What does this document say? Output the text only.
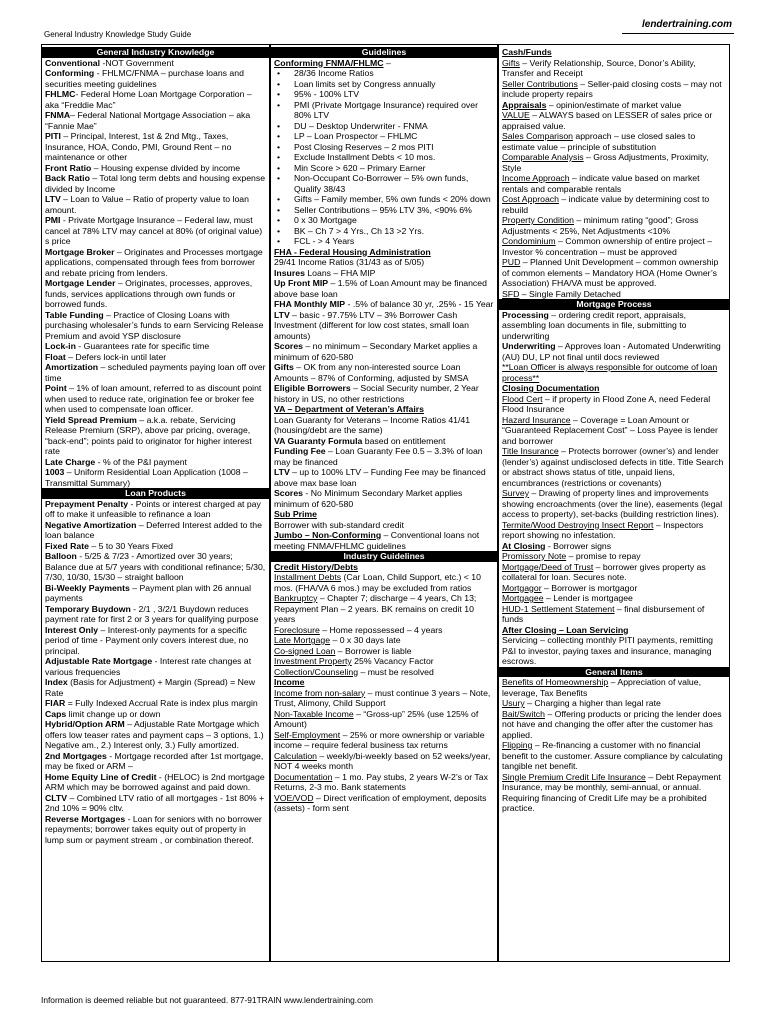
General Industry Knowledge Study Guide
lendertraining.com
General Industry Knowledge

Conventional -NOT Government

Conforming - FHLMC/FNMA – purchase loans and securities meeting guidelines

FHLMC- Federal Home Loan Mortgage Corporation – aka “Freddie Mac”

FNMA– Federal National Mortgage Association – aka “Fannie Mae”

PITI – Principal, Interest, 1st & 2nd Mtg., Taxes, Insurance, HOA, Condo, PMI, Ground Rent – no maintenance or other

Front Ratio – Housing expense divided by income

Back Ratio – Total long term debts and housing expense divided by Income

LTV – Loan to Value – Ratio of property value to loan amount.

PMI - Private Mortgage Insurance – Federal law, must cancel at 78% LTV may cancel at 80% (of original value) s price

Mortgage Broker – Originates and Processes mortgage applications, compensated through fees from borrower and rebate pricing from lenders.

Mortgage Lender – Originates, processes, approves, funds, services applications through own funds or borrowed funds.

Table Funding – Practice of Closing Loans with purchasing wholesaler’s funds to earn Servicing Release Premium and avoid YSP disclosure

Lock-in - Guarantees rate for specific time

Float – Defers lock-in until later

Amortization – scheduled payments paying loan off over time

Point – 1% of loan amount, referred to as discount point when used to reduce rate, origination fee or broker fee when used to compensate loan officer.

Yield Spread Premium – a.k.a. rebate, Servicing Release Premium (SRP), above par pricing, overage, “back-end”; points paid to originator for higher interest rate

Late Charge - % of the P&I payment

1003 – Uniform Residential Loan Application (1008 – Transmittal Summary)

Loan Products

Prepayment Penalty - Points or interest charged at pay off to make it unfeasible to refinance a loan

Negative Amortization – Deferred Interest added to the loan balance

Fixed Rate – 5 to 30 Years Fixed

Balloon - 5/25 & 7/23 - Amortized over 30 years; Balance due at 5/7 years with conditional refinance; 5/30, 7/30, 10/30, 15/30 – straight balloon

Bi-Weekly Payments – Payment plan with 26 annual payments

Temporary Buydown - 2/1 , 3/2/1 Buydown reduces payment rate for first 2 or 3 years for qualifying purpose

Interest Only – Interest-only payments for a specific period of time - Payment only covers interest due, no principal.

Adjustable Rate Mortgage - Interest rate changes at various frequencies

Index (Basis for Adjustment) + Margin (Spread) = New Rate

FIAR = Fully Indexed Accrual Rate is index plus margin

Caps limit change up or down

Hybrid/Option ARM – Adjustable Rate Mortgage which offers low teaser rates and payment caps – 3 options, 1.) Negative am., 2.) Interest only, 3.) Fully amortized.

2nd Mortgages - Mortgage recorded after 1st mortgage, may be fixed or ARM –

Home Equity Line of Credit - (HELOC) is 2nd mortgage ARM which may be borrowed against and paid down.

CLTV – Combined LTV ratio of all mortgages - 1st 80% + 2nd 10% = 90% cltv.

Reverse Mortgages - Loan for seniors with no borrower repayments; borrower takes equity out of property in lump sum or payment stream , or combination thereof.

Guidelines

Conforming FNMA/FHLMC –

• 28/36 Income Ratios

• Loan limits set by Congress annually

• 95% - 100% LTV

• PMI (Private Mortgage Insurance) required over 80% LTV

• DU – Desktop Underwriter - FNMA

• LP – Loan Prospector – FHLMC

• Post Closing Reserves – 2 mos PITI

• Exclude Installment Debts < 10 mos.

• Min Score > 620 – Primary Earner

• Non-Occupant Co-Borrower – 5% own funds, Qualify 38/43

• Gifts – Family member, 5% own funds < 20% down

• Seller Contributions – 95% LTV 3%, <90% 6%

• 0 x 30 Mortgage

• BK – Ch 7 > 4 Yrs., Ch 13 >2 Yrs.

• FCL - > 4 Years

FHA - Federal Housing Administration

29/41 Income Ratios (31/43 as of 5/05)

Insures Loans – FHA MIP

Up Front MIP – 1.5% of Loan Amount may be financed above base loan

FHA Monthly MIP - .5% of balance 30 yr, .25% - 15 Year

LTV – basic - 97.75% LTV – 3% Borrower Cash Investment (different for low cost states, small loan amounts)

Scores – no minimum – Secondary Market applies a minimum of 620-580

Gifts – OK from any non-interested source Loan Amounts – 87% of Conforming, adjusted by SMSA

Eligible Borrowers – Social Security number, 2 Year history in US, no other restrictions

VA – Department of Veteran’s Affairs

Loan Guaranty for Veterans – Income Ratios 41/41 (housing/debt are the same)

VA Guaranty Formula based on entitlement

Funding Fee – Loan Guaranty Fee 0.5 – 3.3% of loan may be financed

LTV – up to 100% LTV – Funding Fee may be financed above max base loan

Scores - No Minimum Secondary Market applies minimum of 620-580

Sub Prime

Borrower with sub-standard credit

Jumbo – Non-Conforming – Conventional loans not meeting FNMA/FHLMC guidelines

Industry Guidelines

Credit History/Debts

Installment Debts (Car Loan, Child Support, etc.) < 10 mos. (FHA/VA 6 mos.) may be excluded from ratios

Bankruptcy – Chapter 7; discharge – 4 years, Ch 13; Repayment Plan – 2 years. BK remains on credit 10 years

Foreclosure – Home repossessed – 4 years

Late Mortgage – 0 x 30 days late

Co-signed Loan – Borrower is liable

Investment Property 25% Vacancy Factor

Collection/Counseling – must be resolved

Income

Income from non-salary – must continue 3 years – Note, Trust, Alimony, Child Support

Non-Taxable Income – “Gross-up” 25% (use 125% of Amount)

Self-Employment – 25% or more ownership or variable income – require federal business tax returns

Calculation – weekly/bi-weekly based on 52 weeks/year, NOT 4 weeks month

Documentation – 1 mo. Pay stubs, 2 years W-2’s or Tax Returns, 2-3 mo. Bank statements

VOE/VOD – Direct verification of employment, deposits (assets) - form sent

Cash/Funds

Gifts – Verify Relationship, Source, Donor’s Ability, Transfer and Receipt

Seller Contributions – Seller-paid closing costs – may not include property repairs

Appraisals – opinion/estimate of market value

VALUE – ALWAYS based on LESSER of sales price or appraised value.

Sales Comparison approach – use closed sales to estimate value – principle of substitution

Comparable Analysis – Gross Adjustments, Proximity, Style

Income Approach – indicate value based on market rentals and comparable rentals

Cost Approach – indicate value by determining cost to rebuild

Property Condition – minimum rating “good”; Gross Adjustments < 25%, Net Adjustments <10%

Condominium – Common ownership of entire project – Investor % concentration – must be approved

PUD – Planned Unit Development – common ownership of common elements – Mandatory HOA (Home Owner’s Association) FHA/VA must be approved.

SFD – Single Family Detached

Mortgage Process

Processing – ordering credit report, appraisals, assembling loan documents in file, submitting to underwriting

Underwriting – Approves loan - Automated Underwriting (AU) DU, LP not final until docs reviewed

**Loan Officer is always responsible for outcome of loan process**

Closing Documentation

Flood Cert – if property in Flood Zone A, need Federal Flood Insurance

Hazard Insurance – Coverage = Loan Amount or “Guaranteed Replacement Cost” – Loss Payee is lender and borrower

Title Insurance – Protects borrower (owner’s) and lender (lender’s) against undisclosed defects in title. Title Search or abstract shows status of title, unpaid liens, encumbrances (restrictions or covenants)

Survey – Drawing of property lines and improvements showing encroachments (over the line), easements (legal access to property), set-backs (building restriction lines).

Termite/Wood Destroying Insect Report – Inspectors report showing no infestation.

At Closing - Borrower signs

Promissory Note – promise to repay

Mortgage/Deed of Trust – borrower gives property as collateral for loan. Secures note.

Mortgagor – Borrower is mortgagor

Mortgagee – Lender is mortgagee

HUD-1 Settlement Statement – final disbursement of funds

After Closing – Loan Servicing

Servicing – collecting monthly PITI payments, remitting P&I to investor, paying taxes and insurance, managing escrows.

General Items

Benefits of Homeownership – Appreciation of value, leverage, Tax Benefits

Usury – Charging a higher than legal rate

Bait/Switch – Offering products or pricing the lender does not have and changing the offer after the customer has applied.

Flipping – Re-financing a customer with no financial benefit to the customer. Assure compliance by calculating tangible net benefit.

Single Premium Credit Life Insurance – Debt Repayment Insurance, may be monthly, semi-annual, or annual. Requiring financing of Credit Life may be a prohibited practice.

Information is deemed reliable but not guaranteed. 877-91TRAIN www.lendertraining.com
